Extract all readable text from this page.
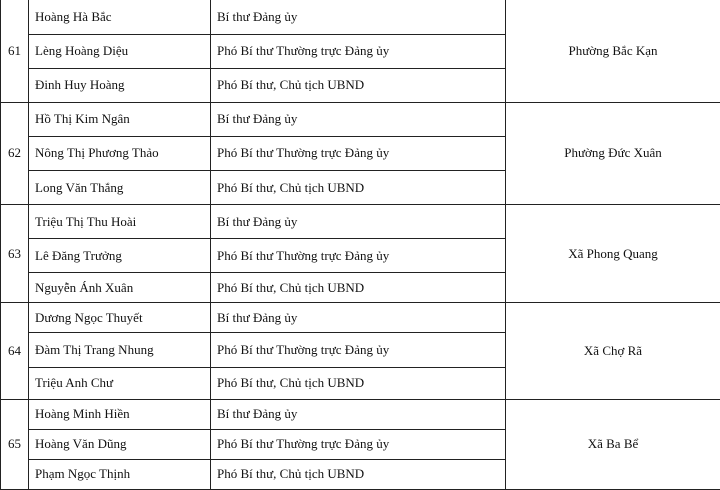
61	Hoàng Hà Bắc	Bí thư Đảng ủy	Phường Bắc Kạn
	Lèng Hoàng Diệu	Phó Bí thư Thường trực Đảng ủy	
	Đinh Huy Hoàng	Phó Bí thư, Chủ tịch UBND	
62	Hồ Thị Kim Ngân	Bí thư Đảng ủy	Phường Đức Xuân
	Nông Thị Phương Thảo	Phó Bí thư Thường trực Đảng ủy	
	Long Văn Thắng	Phó Bí thư, Chủ tịch UBND	
63	Triệu Thị Thu Hoài	Bí thư Đảng ủy	Xã Phong Quang
	Lê Đăng Trưởng	Phó Bí thư Thường trực Đảng ủy	
	Nguyễn Ánh Xuân	Phó Bí thư, Chủ tịch UBND	
64	Dương Ngọc Thuyết	Bí thư Đảng ủy	Xã Chợ Rã
	Đàm Thị Trang Nhung	Phó Bí thư Thường trực Đảng ủy	
	Triệu Anh Chư	Phó Bí thư, Chủ tịch UBND	
65	Hoàng Minh Hiền	Bí thư Đảng ủy	Xã Ba Bể
	Hoàng Văn Dũng	Phó Bí thư Thường trực Đảng ủy	
	Phạm Ngọc Thịnh	Phó Bí thư, Chủ tịch UBND	
